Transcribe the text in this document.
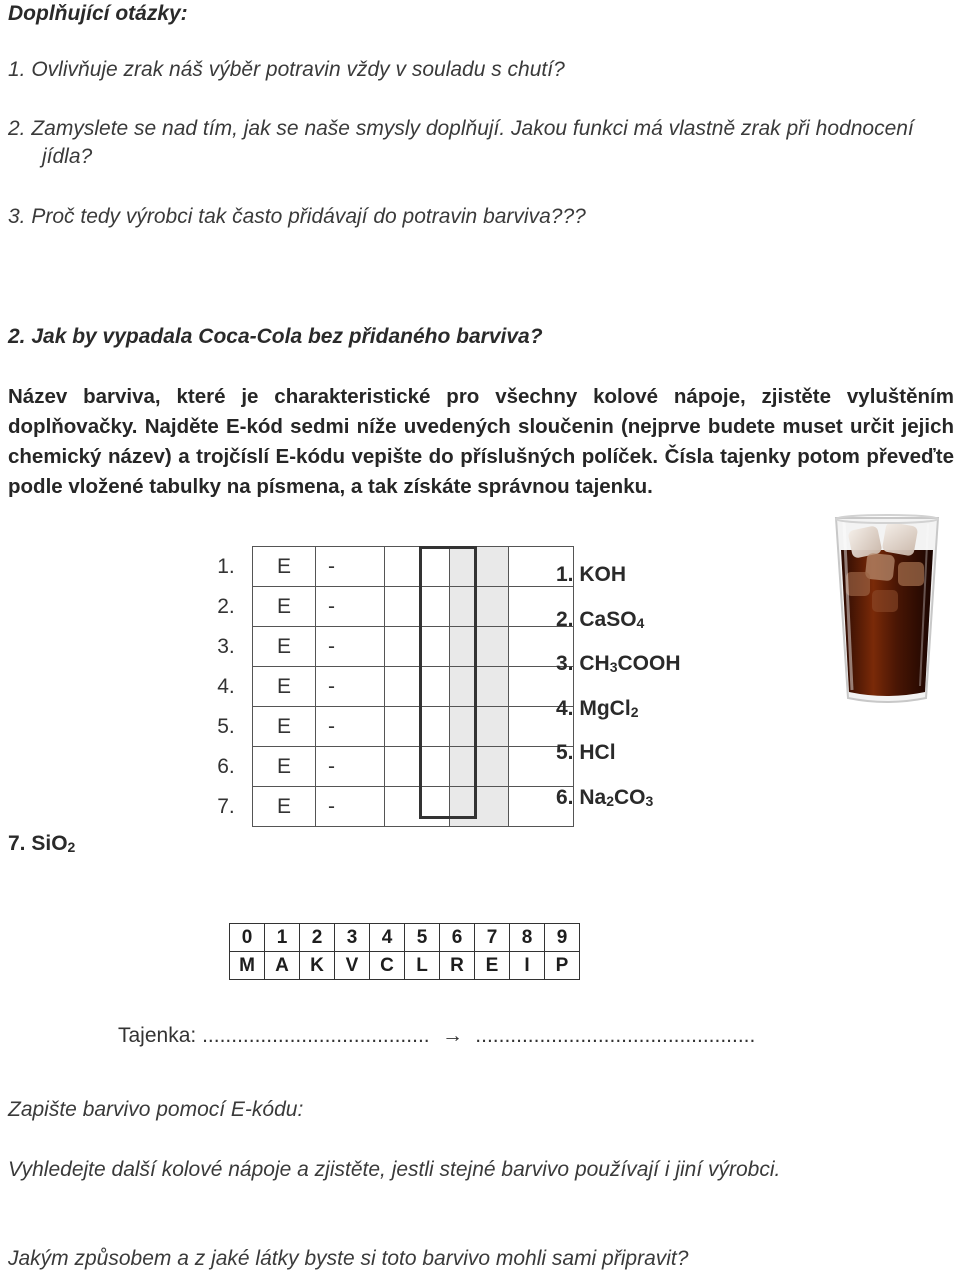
Doplňující otázky:
1. Ovlivňuje zrak náš výběr potravin vždy v souladu s chutí?
2. Zamyslete se nad tím, jak se naše smysly doplňují. Jakou funkci má vlastně zrak při hodnocení
jídla?
3. Proč tedy výrobci tak často přidávají do potravin barviva???
2. Jak by vypadala Coca-Cola bez přidaného barviva?
Název barviva, které je charakteristické pro všechny kolové nápoje, zjistěte vyluštěním doplňovačky. Najděte E-kód sedmi níže uvedených sloučenin (nejprve budete muset určit jejich chemický název) a trojčíslí E-kódu vepište do příslušných políček. Čísla tajenky potom převeďte podle vložené tabulky na písmena, a tak získáte správnou tajenku.
1.	E	-			
2.	E	-			
3.	E	-			
4.	E	-			
5.	E	-			
6.	E	-			
7.	E	-			
1. KOH
2. CaSO$_4$
3. $CH_3COOH$
4. MgCl$_2$
5. HCl
6. $Na_2CO_3$
7. SiO$_2$
0	1	2	3	4	5	6	7	8	9
M	A	K	V	C	L	R	E	I	P
Tajenka: ....................................... → ................................................
Zapište barvivo pomocí E-kódu:
Vyhledejte další kolové nápoje a zjistěte, jestli stejné barvivo používají i jiní výrobci.
Jakým způsobem a z jaké látky byste si toto barvivo mohli sami připravit?
